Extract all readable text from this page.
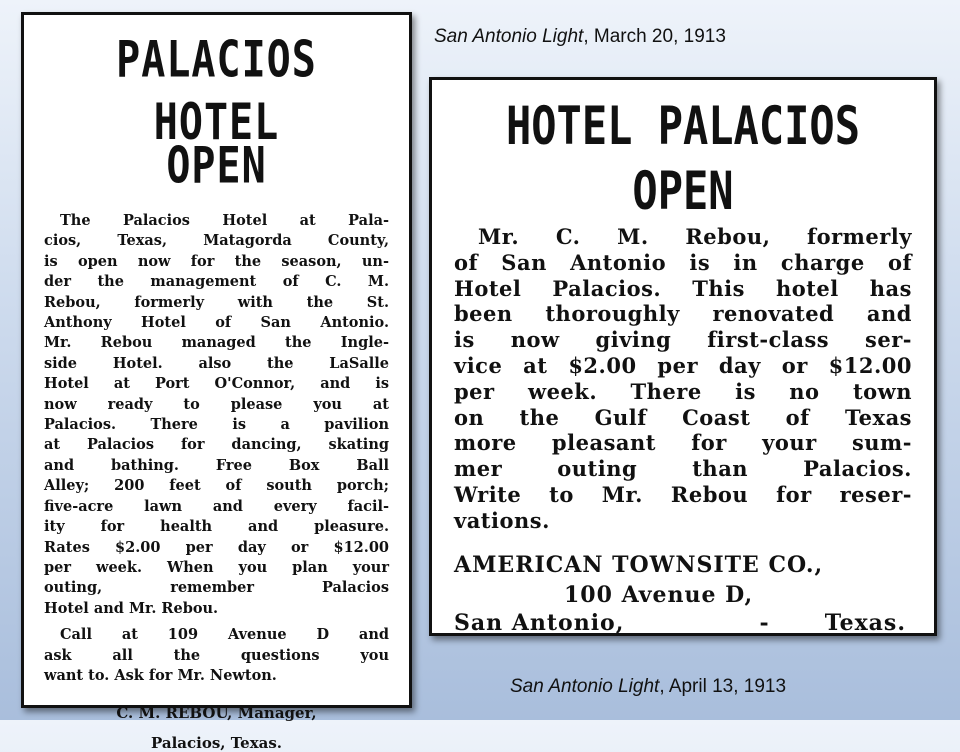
San Antonio Light, March 20, 1913
PALACIOS HOTEL
OPEN
The Palacios Hotel at Pala-
cios, Texas, Matagorda County,
is open now for the season, un-
der the management of C. M.
Rebou, formerly with the St.
Anthony Hotel of San Antonio.
Mr. Rebou managed the Ingle-
side Hotel. also the LaSalle
Hotel at Port O'Connor, and is
now ready to please you at
Palacios. There is a pavilion
at Palacios for dancing, skating
and bathing. Free Box Ball
Alley; 200 feet of south porch;
five-acre lawn and every facil-
ity for health and pleasure.
Rates $2.00 per day or $12.00
per week. When you plan your
outing, remember Palacios
Hotel and Mr. Rebou.
Call at 109 Avenue D and
ask all the questions you
want to. Ask for Mr. Newton.
C. M. REBOU, Manager,
Palacios, Texas.
HOTEL PALACIOS OPEN
Mr. C. M. Rebou, formerly
of San Antonio is in charge of
Hotel Palacios. This hotel has
been thoroughly renovated and
is now giving first-class ser-
vice at $2.00 per day or $12.00
per week. There is no town
on the Gulf Coast of Texas
more pleasant for your sum-
mer outing than Palacios.
Write to Mr. Rebou for reser-
vations.
AMERICAN TOWNSITE CO.,
100 Avenue D,
San Antonio,	-	Texas.
San Antonio Light, April 13, 1913
